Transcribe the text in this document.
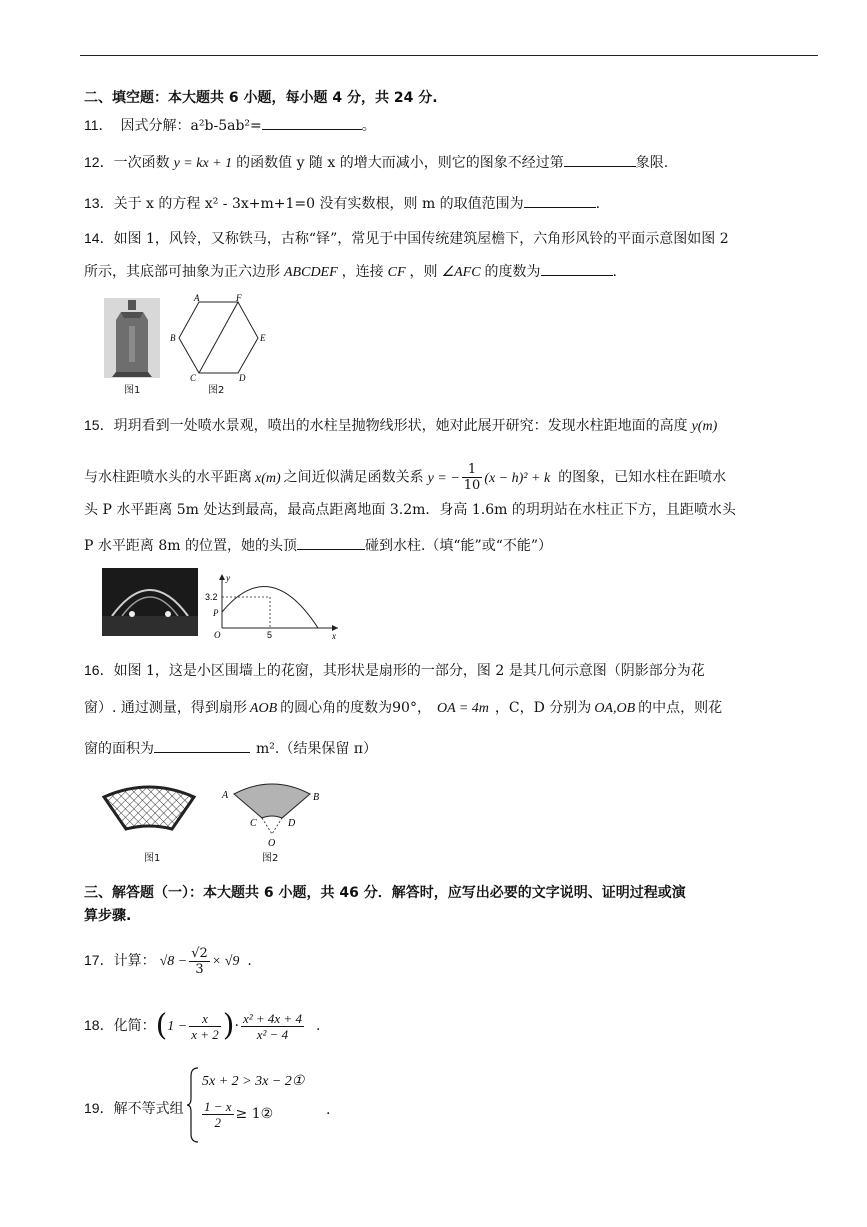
二、填空题：本大题共 6 小题，每小题 4 分，共 24 分.
11． 因式分解：a²b-5ab²=	。
12．一次函数 y = kx + 1 的函数值 y 随 x 的增大而减小，则它的图象不经过第	象限.
13．关于 x 的方程 x² - 3x+m+1=0 没有实数根，则 m 的取值范围为	.
14．如图 1，风铃，又称铁马，古称“铎”，常见于中国传统建筑屋檐下，六角形风铃的平面示意图如图 2
所示，其底部可抽象为正六边形 ABCDEF ，连接 CF ，则 ∠AFC 的度数为	.
图1
A	F
B	E
C	D
图2
15．玥玥看到一处喷水景观，喷出的水柱呈抛物线形状，她对此展开研究：发现水柱距地面的高度 y(m)
与水柱距喷水头的水平距离 x(m) 之间近似满足函数关系 y = − $\frac{1}{10} (x - h)^2 + k$ 的图象，已知水柱在距喷水
头 P 水平距离 5m 处达到最高，最高点距离地面 3.2m．身高 1.6m 的玥玥站在水柱正下方，且距喷水头
P 水平距离 8m 的位置，她的头顶	碰到水柱.（填“能”或“不能”）
y
x
3.2
5
P
O
16．如图 1，这是小区围墙上的花窗，其形状是扇形的一部分，图 2 是其几何示意图（阴影部分为花
窗）. 通过测量，得到扇形 AOB 的圆心角的度数为90°， OA = 4m ，C，D 分别为 OA,OB 的中点，则花
窗的面积为	m².（结果保留 π）
图1
A	B
C	D
O
图2
三、解答题（一）：本大题共 6 小题，共 46 分．解答时，应写出必要的文字说明、证明过程或演
算步骤.
17．计算： $√8 - \frac{√2}{3} \times √9$ .
18．化简：($1 - \frac{x}{x + 2}$ )· $\frac{\text{x² + 4x + 4}}{\text{x² − 4}}$ .
19．解不等式组
5x + 2 > 3x − 2①
$\frac{1 - x}{2}$ ≥ 1②	.
